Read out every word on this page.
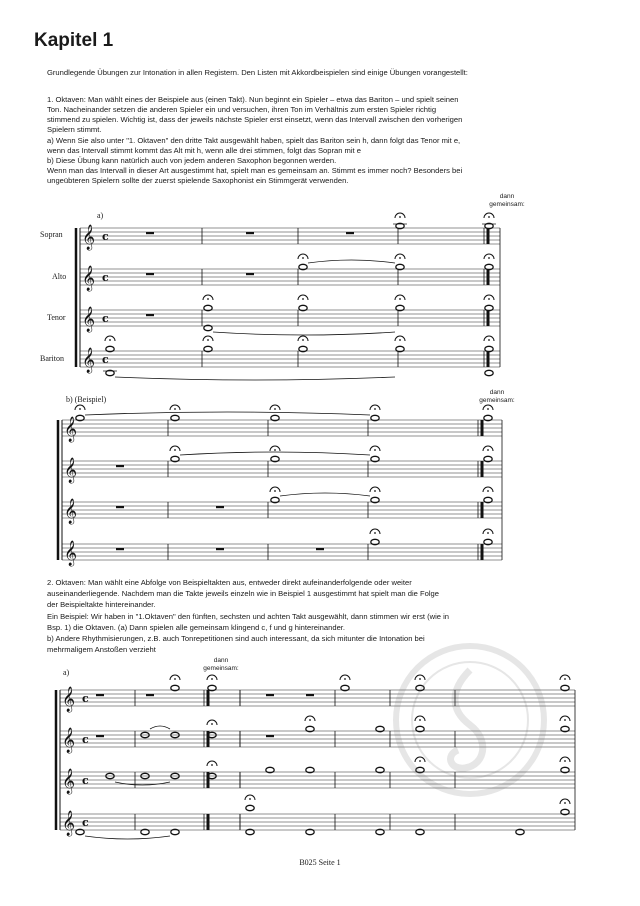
Kapitel 1
Grundlegende Übungen zur Intonation in allen Registern. Den Listen mit Akkordbeispielen sind einige Übungen vorangestellt:
1. Oktaven: Man wählt eines der Beispiele aus (einen Takt). Nun beginnt ein Spieler – etwa das Bariton – und spielt seinen
Ton. Nacheinander setzen die anderen Spieler ein und versuchen, ihren Ton im Verhältnis zum ersten Spieler richtig
stimmend zu spielen. Wichtig ist, dass der jeweils nächste Spieler erst einsetzt, wenn das Intervall zwischen den vorherigen
Spielern stimmt.
a) Wenn Sie also unter "1. Oktaven" den dritte Takt ausgewählt haben, spielt das Bariton sein h, dann folgt das Tenor mit e,
wenn das Intervall stimmt kommt das Alt mit h, wenn alle drei stimmen, folgt das Sopran mit e
b) Diese Übung kann natürlich auch von jedem anderen Saxophon begonnen werden.
Wenn man das Intervall in dieser Art ausgestimmt hat, spielt man es gemeinsam an. Stimmt es immer noch? Besonders bei
ungeübteren Spielern sollte der zuerst spielende Saxophonist ein Stimmgerät verwenden.
𝄞 c
𝄞 c
𝄞 c
𝄞 c
dann
gemeinsam:
a)
Sopran
Alto
Tenor
Bariton
𝄞
𝄞
𝄞
𝄞
dann
gemeinsam:
b) (Beispiel)
2. Oktaven: Man wählt eine Abfolge von Beispieltakten aus, entweder direkt aufeinanderfolgende oder weiter
auseinanderliegende. Nachdem man die Takte jeweils einzeln wie in Beispiel 1 ausgestimmt hat spielt man die Folge
der Beispieltakte hintereinander.
Ein Beispiel: Wir haben in "1.Oktaven" den fünften, sechsten und achten Takt ausgewählt, dann stimmen wir erst (wie in
Bsp. 1) die Oktaven. (a) Dann spielen alle gemeinsam klingend c, f und g hintereinander.
b) Andere Rhythmisierungen, z.B. auch Tonrepetitionen sind auch interessant, da sich mitunter die Intonation bei
mehrmaligem Anstoßen verzieht
𝄞 c
𝄞 c
𝄞 c
𝄞 c
dann
gemeinsam:
a)
B025 Seite 1
